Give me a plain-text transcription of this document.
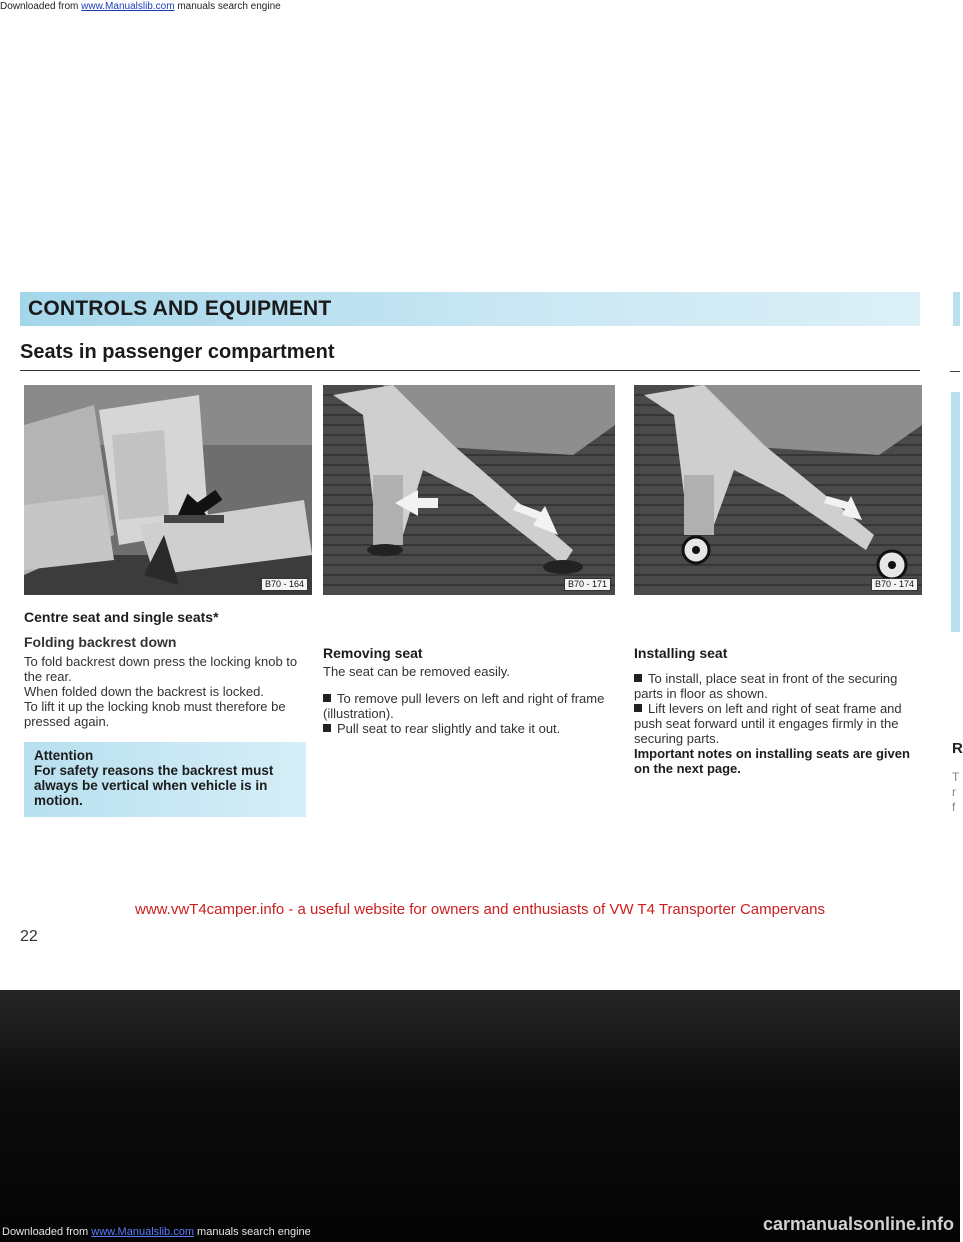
Downloaded from www.Manualslib.com manuals search engine
CONTROLS AND EQUIPMENT
R
T
r
f
Seats in passenger compartment
B70 - 164	B70 - 171	B70 - 174
Centre seat and single seats*

Folding backrest down

To fold backrest down press the locking knob to the rear.

When folded down the backrest is locked.

To lift it up the locking knob must therefore be pressed again.

Attention
For safety reasons the backrest must always be vertical when vehicle is in motion.
Removing seat

The seat can be removed easily.

To remove pull levers on left and right of frame (illustration).

Pull seat to rear slightly and take it out.

Installing seat

To install, place seat in front of the securing parts in floor as shown.

Lift levers on left and right of seat frame and push seat forward until it engages firmly in the securing parts.

Important notes on installing seats are given on the next page.

www.vwT4camper.info - a useful website for owners and enthusiasts of VW T4 Transporter Campervans
22
Downloaded from www.Manualslib.com manuals search engine	carmanualsonline.info
